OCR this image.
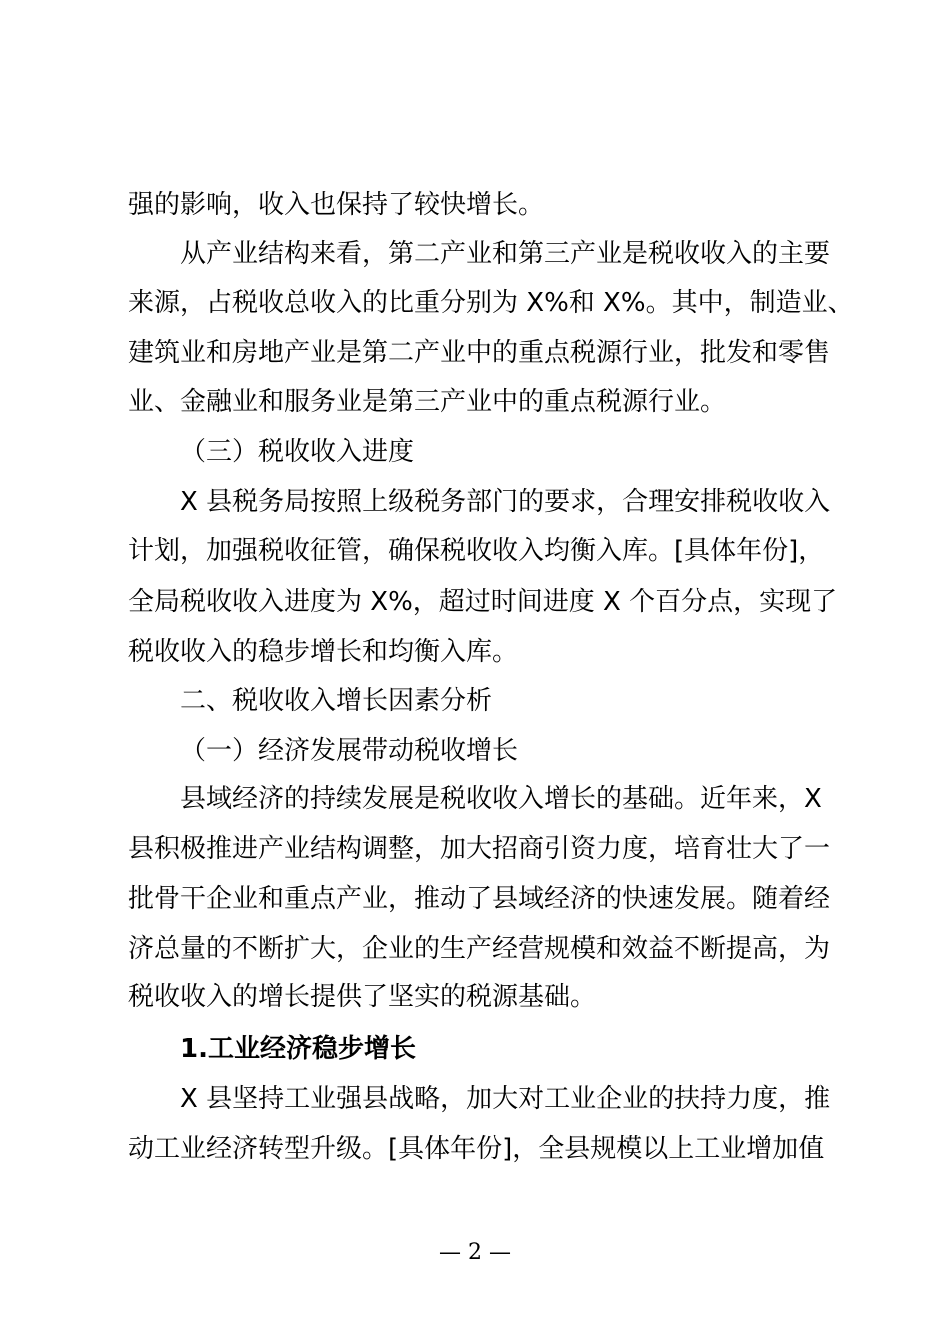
强的影响，收入也保持了较快增长。
从产业结构来看，第二产业和第三产业是税收收入的主要
来源，占税收总收入的比重分别为 X%和 X%。其中，制造业、
建筑业和房地产业是第二产业中的重点税源行业，批发和零售
业、金融业和服务业是第三产业中的重点税源行业。
（三）税收收入进度
X 县税务局按照上级税务部门的要求，合理安排税收收入
计划，加强税收征管，确保税收收入均衡入库。[具体年份]，
全局税收收入进度为 X%，超过时间进度 X 个百分点，实现了
税收收入的稳步增长和均衡入库。
二、税收收入增长因素分析
（一）经济发展带动税收增长
县域经济的持续发展是税收收入增长的基础。近年来，X
县积极推进产业结构调整，加大招商引资力度，培育壮大了一
批骨干企业和重点产业，推动了县域经济的快速发展。随着经
济总量的不断扩大，企业的生产经营规模和效益不断提高，为
税收收入的增长提供了坚实的税源基础。
1.工业经济稳步增长
X 县坚持工业强县战略，加大对工业企业的扶持力度，推
动工业经济转型升级。[具体年份]，全县规模以上工业增加值
— 2 —
